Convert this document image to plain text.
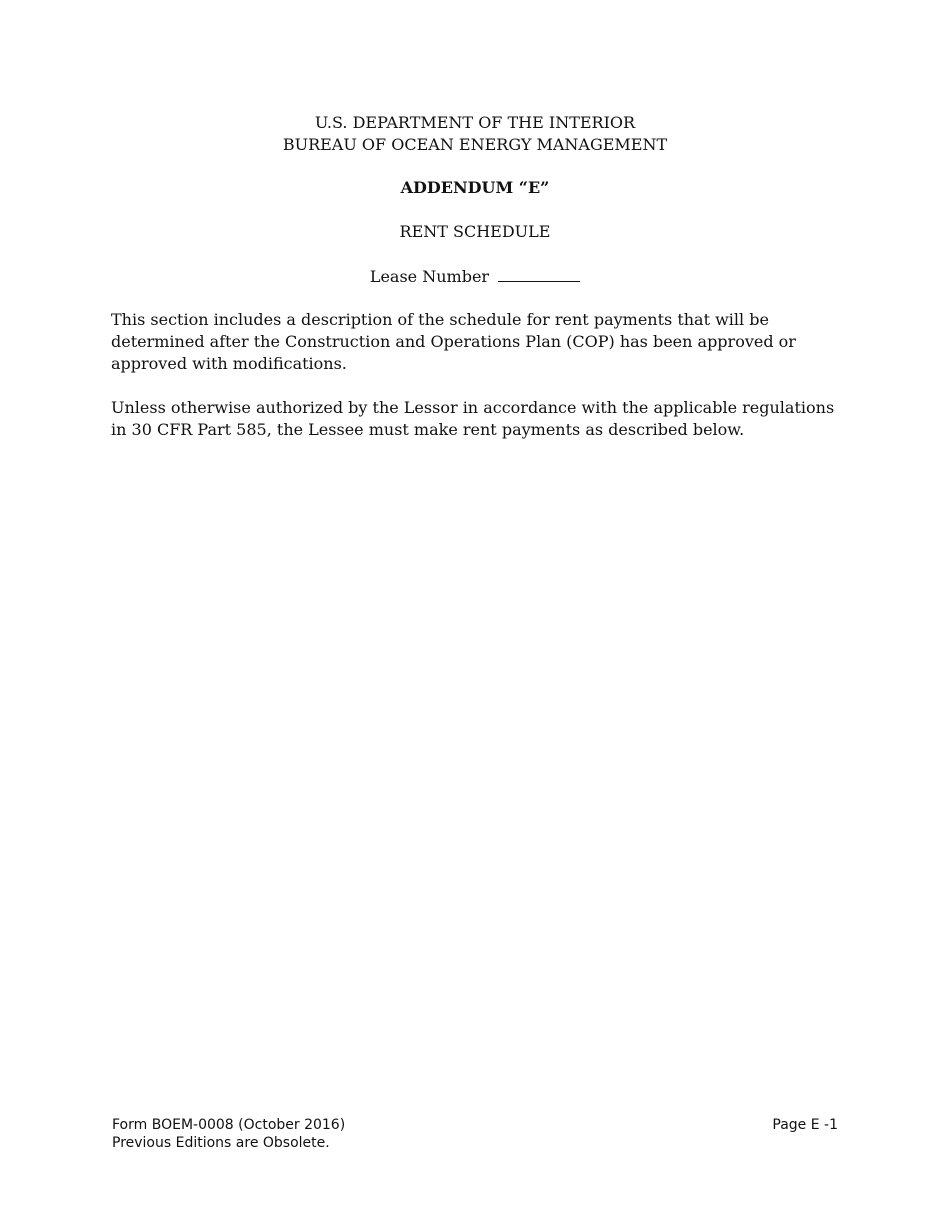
U.S. DEPARTMENT OF THE INTERIOR
BUREAU OF OCEAN ENERGY MANAGEMENT
ADDENDUM “E”
RENT SCHEDULE
Lease Number

This section includes a description of the schedule for rent payments that will be determined after the Construction and Operations Plan (COP) has been approved or approved with modifications.

Unless otherwise authorized by the Lessor in accordance with the applicable regulations in 30 CFR Part 585, the Lessee must make rent payments as described below.

Form BOEM-0008 (October 2016)
Previous Editions are Obsolete.
Page E -1
